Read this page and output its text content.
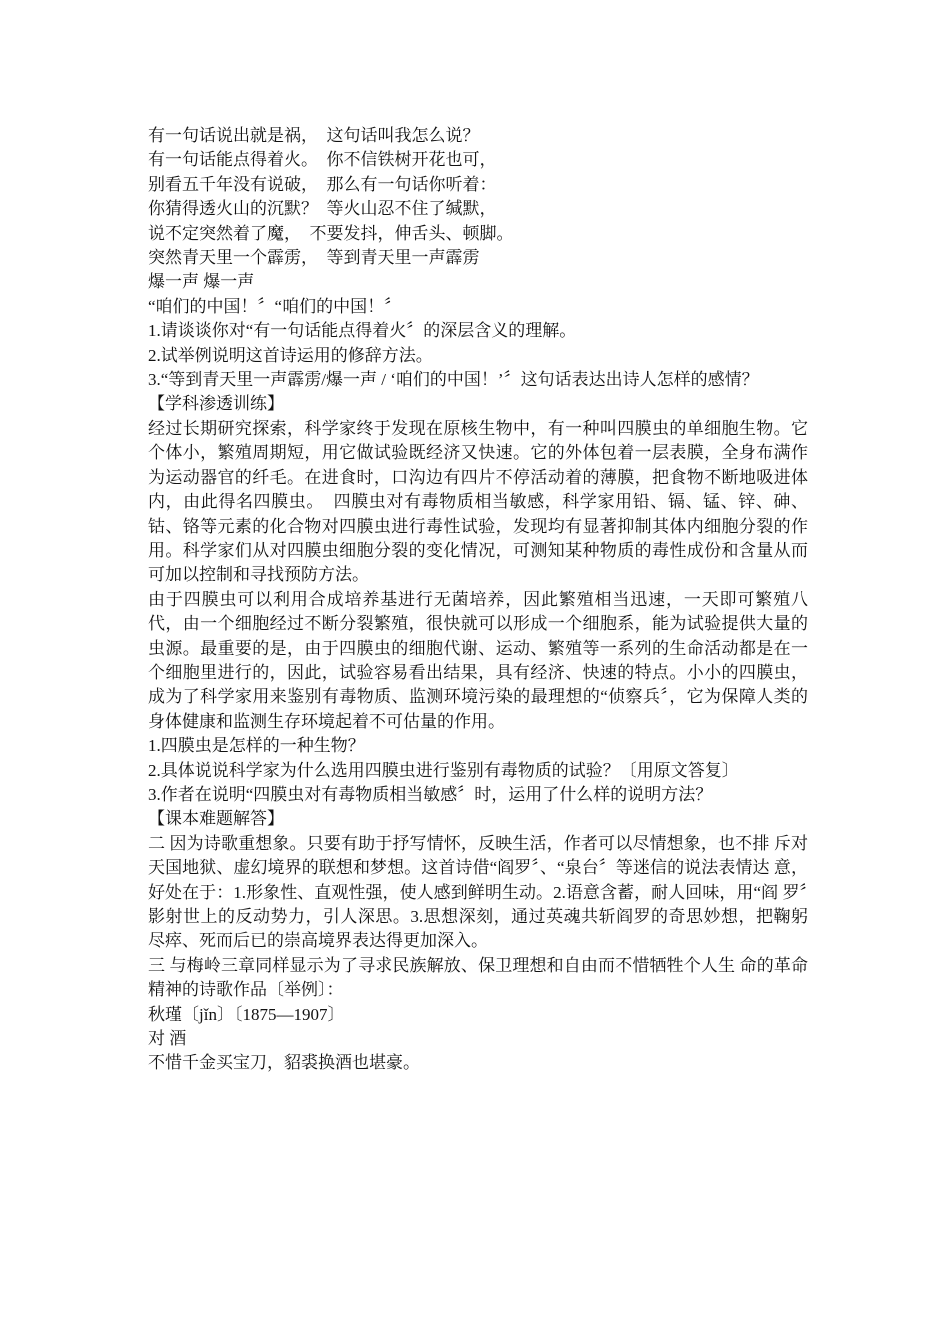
有一句话说出就是祸，  这句话叫我怎么说？

有一句话能点得着火。  你不信铁树开花也可，

别看五千年没有说破，  那么有一句话你听着：

你猜得透火山的沉默？  等火山忍不住了缄默，

说不定突然着了魔，  不要发抖，伸舌头、顿脚。

突然青天里一个霹雳，  等到青天里一声霹雳

爆一声 爆一声

“咱们的中国！〞“咱们的中国！〞

1.请谈谈你对“有一句话能点得着火〞的深层含义的理解。

2.试举例说明这首诗运用的修辞方法。

3.“等到青天里一声霹雳/爆一声 / ‘咱们的中国！’〞这句话表达出诗人怎样的感情？

【学科渗透训练】

经过长期研究探索，科学家终于发现在原核生物中，有一种叫四膜虫的单细胞生物。它个体小，繁殖周期短，用它做试验既经济又快速。它的外体包着一层表膜，全身布满作为运动器官的纤毛。在进食时，口沟边有四片不停活动着的薄膜，把食物不断地吸进体内，由此得名四膜虫。  四膜虫对有毒物质相当敏感，科学家用铅、镉、锰、锌、砷、钴、铬等元素的化合物对四膜虫进行毒性试验，发现均有显著抑制其体内细胞分裂的作用。科学家们从对四膜虫细胞分裂的变化情况，可测知某种物质的毒性成份和含量从而可加以控制和寻找预防方法。

由于四膜虫可以利用合成培养基进行无菌培养，因此繁殖相当迅速，一天即可繁殖八代，由一个细胞经过不断分裂繁殖，很快就可以形成一个细胞系，能为试验提供大量的虫源。最重要的是，由于四膜虫的细胞代谢、运动、繁殖等一系列的生命活动都是在一个细胞里进行的，因此，试验容易看出结果，具有经济、快速的特点。小小的四膜虫，成为了科学家用来鉴别有毒物质、监测环境污染的最理想的“侦察兵〞，它为保障人类的身体健康和监测生存环境起着不可估量的作用。

1.四膜虫是怎样的一种生物？

2.具体说说科学家为什么选用四膜虫进行鉴别有毒物质的试验？〔用原文答复〕

3.作者在说明“四膜虫对有毒物质相当敏感〞时，运用了什么样的说明方法？

【课本难题解答】

二 因为诗歌重想象。只要有助于抒写情怀，反映生活，作者可以尽情想象，也不排 斥对天国地狱、虚幻境界的联想和梦想。这首诗借“阎罗〞、“泉台〞等迷信的说法表情达 意，好处在于：1.形象性、直观性强，使人感到鲜明生动。2.语意含蓄，耐人回味，用“阎 罗〞影射世上的反动势力，引人深思。3.思想深刻，通过英魂共斩阎罗的奇思妙想，把鞠躬 尽瘁、死而后已的崇高境界表达得更加深入。

三 与梅岭三章同样显示为了寻求民族解放、保卫理想和自由而不惜牺牲个人生 命的革命精神的诗歌作品〔举例〕：

秋瑾〔jǐn〕〔1875—1907〕

对 酒

不惜千金买宝刀，貂裘换酒也堪豪。
